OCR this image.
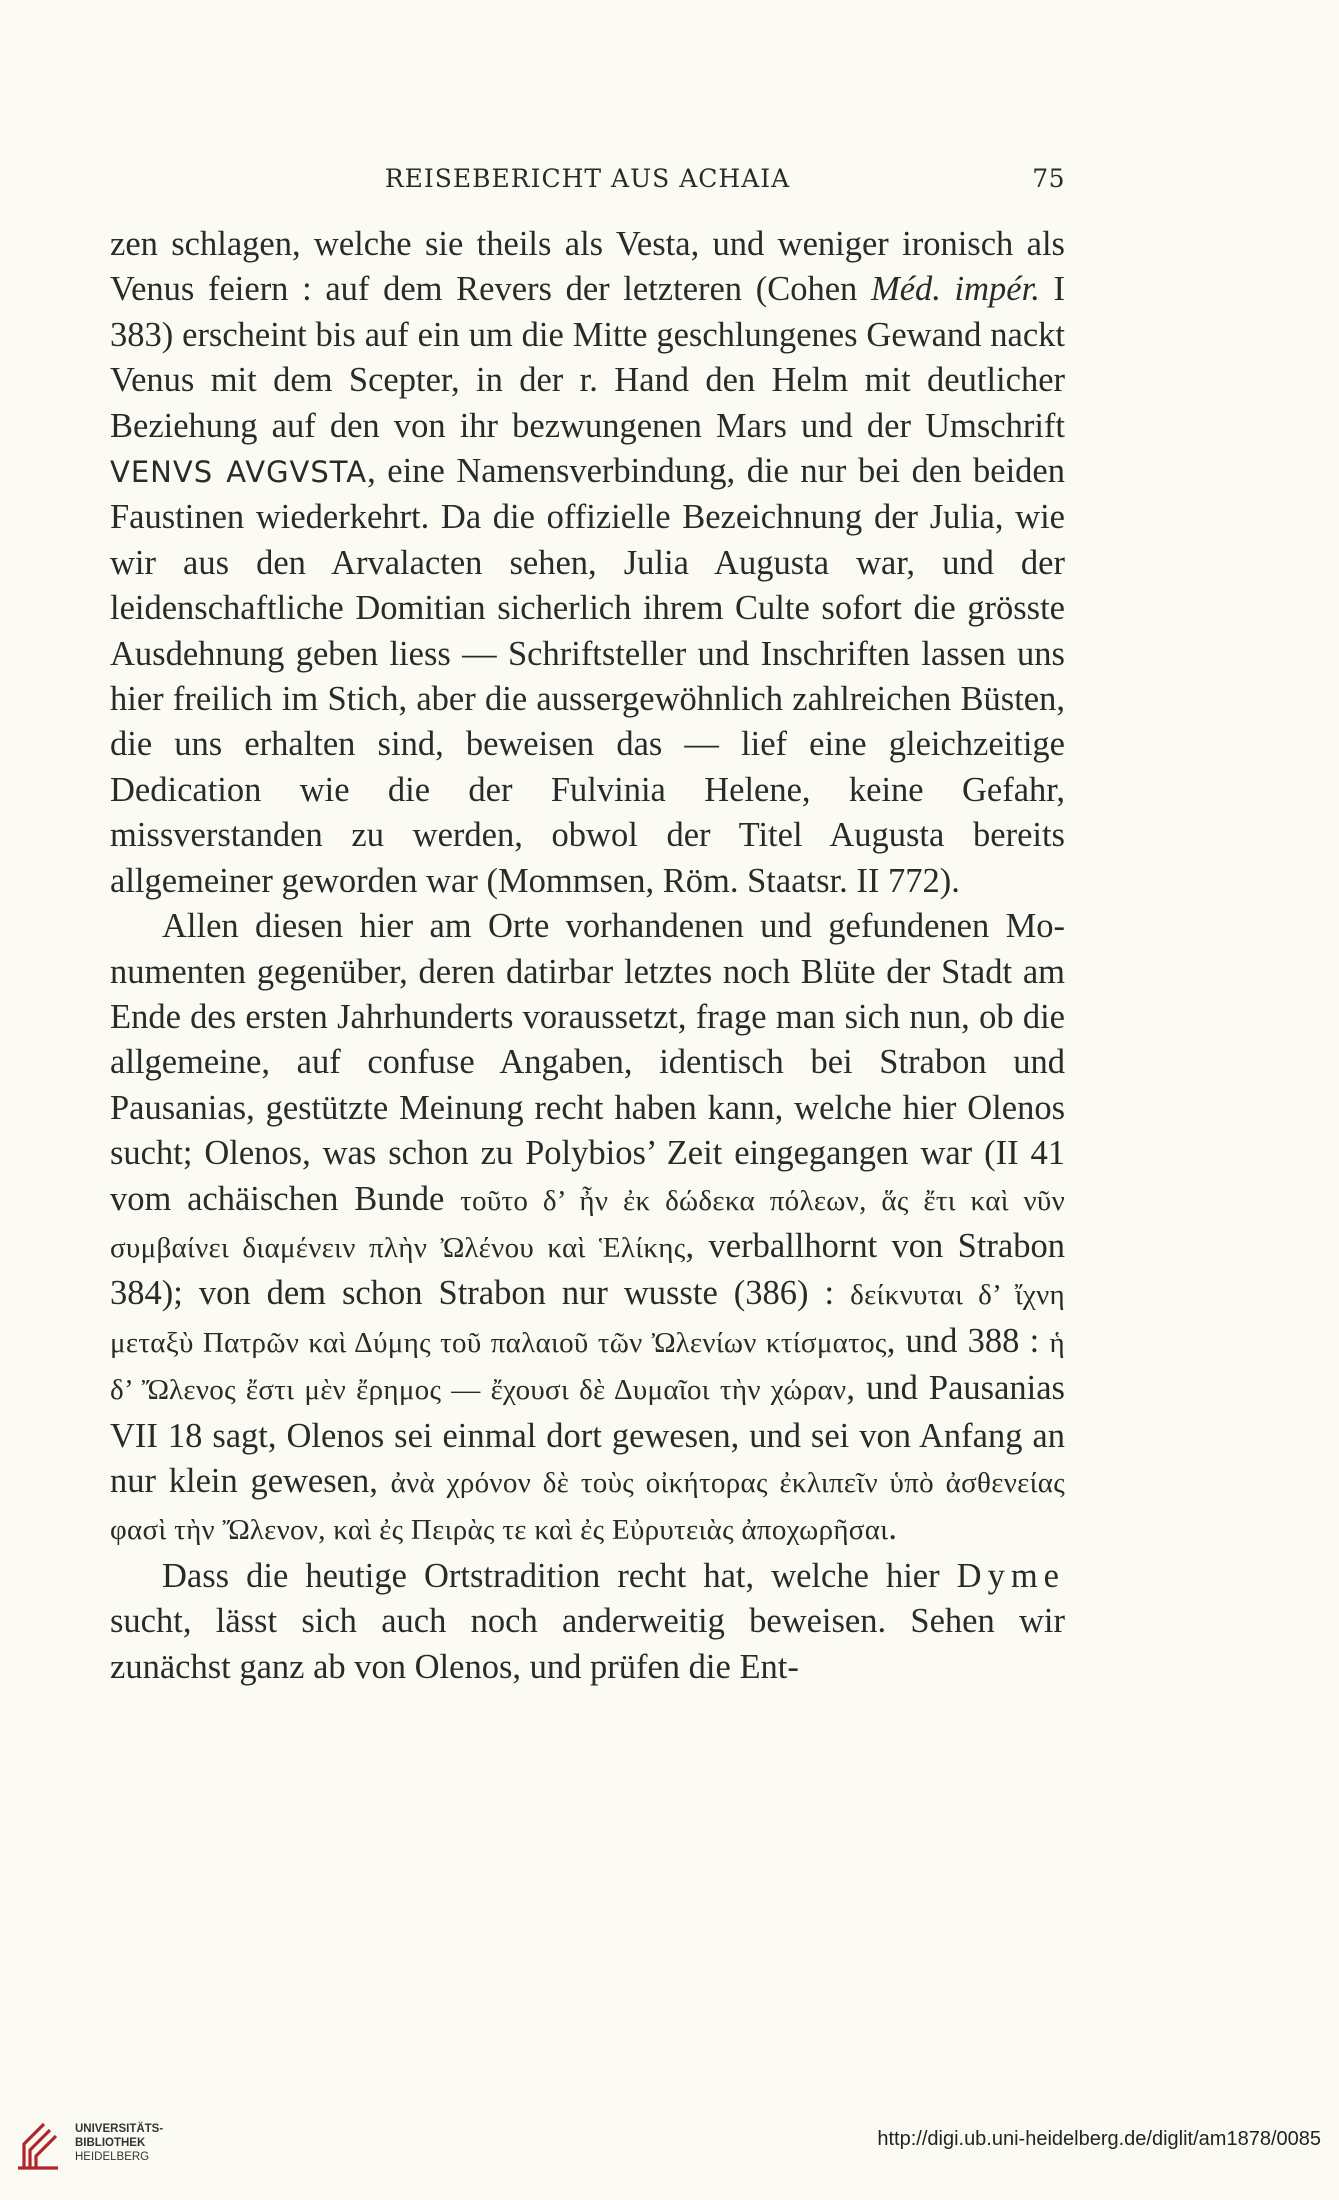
REISEBERICHT AUS ACHAIA	75

zen schlagen, welche sie theils als Vesta, und weniger ironisch als Venus feiern : auf dem Revers der letzteren (Cohen Méd. impér. I 383) erscheint bis auf ein um die Mitte geschlungenes Gewand nackt Venus mit dem Scepter, in der r. Hand den Helm mit deutlicher Beziehung auf den von ihr bezwungenen Mars und der Umschrift VENVS AVGVSTA, eine Namensverbindung, die nur bei den beiden Faustinen wiederkehrt. Da die offizielle Bezeichnung der Julia, wie wir aus den Arvalacten sehen, Julia Augusta war, und der leidenschaftliche Domitian sicherlich ihrem Culte sofort die grösste Ausdehnung geben liess — Schriftsteller und Inschriften lassen uns hier freilich im Stich, aber die aussergewöhnlich zahlreichen Büsten, die uns erhalten sind, beweisen das — lief eine gleichzeitige Dedication wie die der Fulvinia Helene, keine Gefahr, missverstanden zu werden, obwol der Titel Augusta bereits allgemeiner geworden war (Mommsen, Röm. Staatsr. II 772).

Allen diesen hier am Orte vorhandenen und gefundenen Monumenten gegenüber, deren datirbar letztes noch Blüte der Stadt am Ende des ersten Jahrhunderts voraussetzt, frage man sich nun, ob die allgemeine, auf confuse Angaben, identisch bei Strabon und Pausanias, gestützte Meinung recht haben kann, welche hier Olenos sucht; Olenos, was schon zu Polybios’ Zeit eingegangen war (II 41 vom achäischen Bunde τοῦτο δ’ ἦν ἐκ δώδεκα πόλεων, ἅς ἔτι καὶ νῦν συμβαίνει διαμένειν πλὴν Ὠλένου καὶ Ἑλίκης, verballhornt von Strabon 384); von dem schon Strabon nur wusste (386) : δείκνυται δ’ ἴχνη μεταξὺ Πατρῶν καὶ Δύμης τοῦ παλαιοῦ τῶν Ὠλενίων κτίσματος, und 388 : ἡ δ’ Ὤλενος ἔστι μὲν ἔρημος — ἔχουσι δὲ Δυμαῖοι τὴν χώραν, und Pausanias VII 18 sagt, Olenos sei einmal dort gewesen, und sei von Anfang an nur klein gewesen, ἀνὰ χρόνον δὲ τοὺς οἰκήτορας ἐκλιπεῖν ὑπὸ ἀσθενείας φασὶ τὴν Ὤλενον, καὶ ἐς Πειρὰς τε καὶ ἐς Εὐρυτειὰς ἀποχωρῆσαι.

Dass die heutige Ortstradition recht hat, welche hier Dyme sucht, lässt sich auch noch anderweitig beweisen. Sehen wir zunächst ganz ab von Olenos, und prüfen die Ent-

UNIVERSITÄTS-
BIBLIOTHEK
HEIDELBERG
http://digi.ub.uni-heidelberg.de/diglit/am1878/0085
